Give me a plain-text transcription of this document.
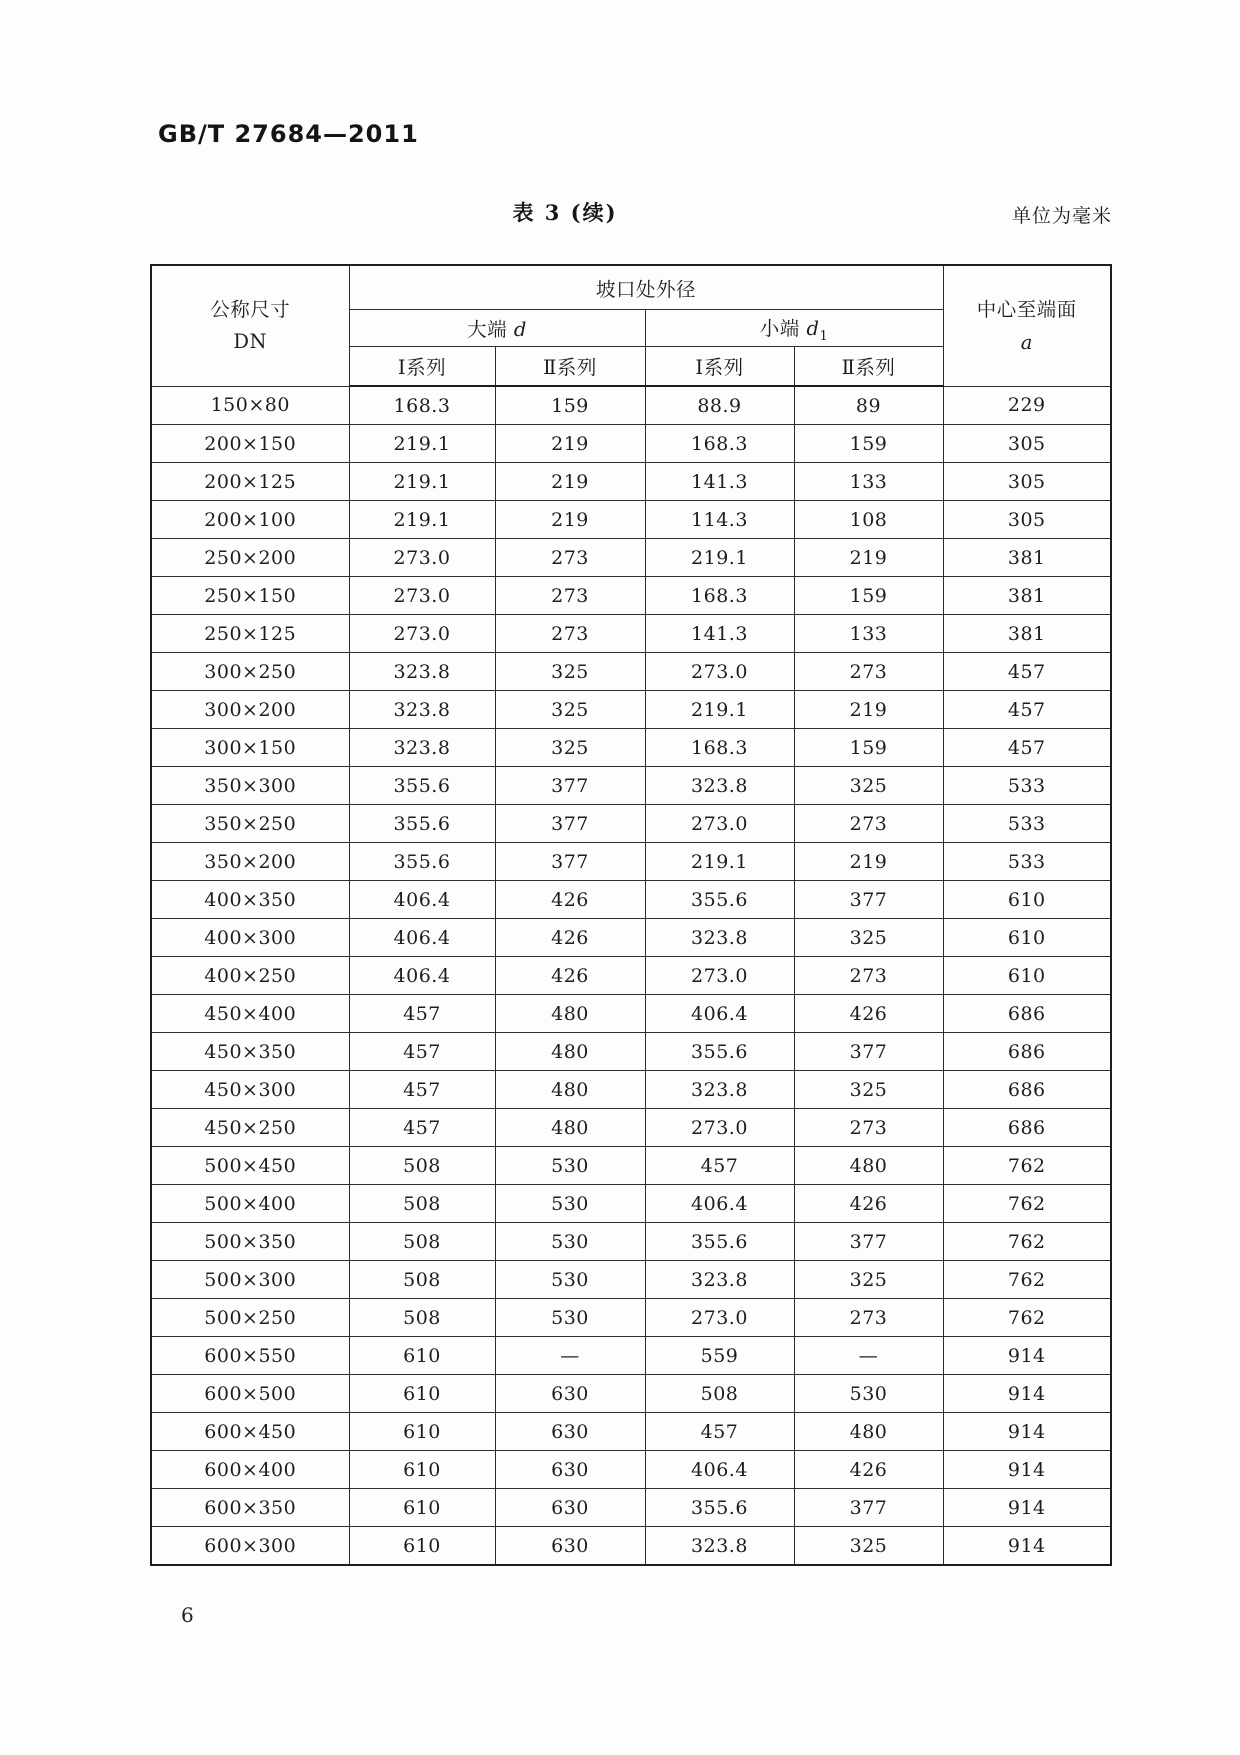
GB/T 27684—2011
表 3 (续)	单位为毫米
公称尺寸
DN
	坡口处外径	
中心至端面
a

	大端 d		小端 $d_1$
	Ⅰ系列	Ⅱ系列	Ⅰ系列	Ⅱ系列	
150×80	168.3	159	88.9	89	229
200×150	219.1	219	168.3	159	305
200×125	219.1	219	141.3	133	305
200×100	219.1	219	114.3	108	305
250×200	273.0	273	219.1	219	381
250×150	273.0	273	168.3	159	381
250×125	273.0	273	141.3	133	381
300×250	323.8	325	273.0	273	457
300×200	323.8	325	219.1	219	457
300×150	323.8	325	168.3	159	457
350×300	355.6	377	323.8	325	533
350×250	355.6	377	273.0	273	533
350×200	355.6	377	219.1	219	533
400×350	406.4	426	355.6	377	610
400×300	406.4	426	323.8	325	610
400×250	406.4	426	273.0	273	610
450×400	457	480	406.4	426	686
450×350	457	480	355.6	377	686
450×300	457	480	323.8	325	686
450×250	457	480	273.0	273	686
500×450	508	530	457	480	762
500×400	508	530	406.4	426	762
500×350	508	530	355.6	377	762
500×300	508	530	323.8	325	762
500×250	508	530	273.0	273	762
600×550	610	—	559	—	914
600×500	610	630	508	530	914
600×450	610	630	457	480	914
600×400	610	630	406.4	426	914
600×350	610	630	355.6	377	914
600×300	610	630	323.8	325	914
6
